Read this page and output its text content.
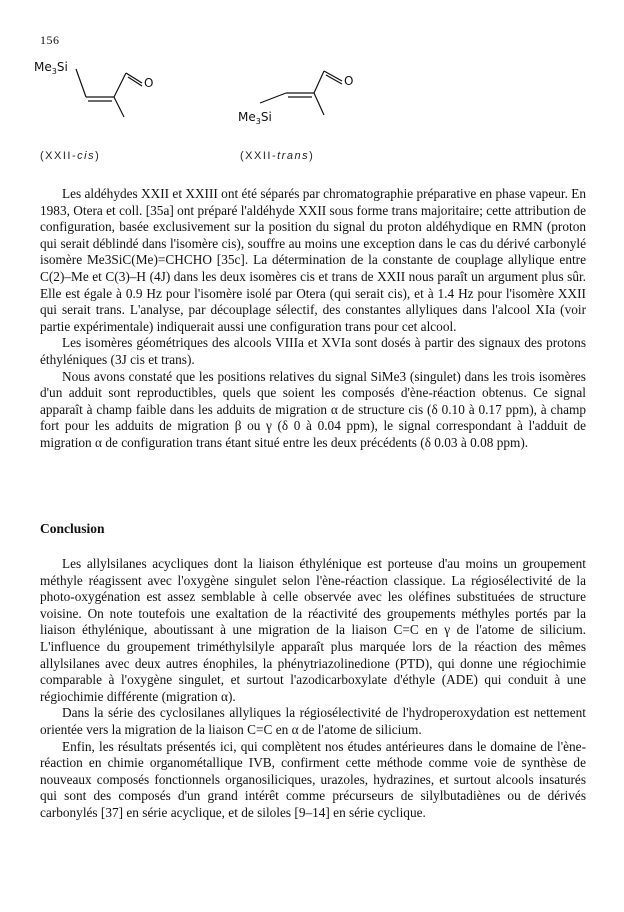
156
$Me_3Si$
O
(XXII-cis)
O
$Me_3Si$
(XXII-trans)

Les aldéhydes XXII et XXIII ont été séparés par chromatographie préparative en phase vapeur. En 1983, Otera et coll. [35a] ont préparé l'aldéhyde XXII sous forme trans majoritaire; cette attribution de configuration, basée exclusivement sur la position du signal du proton aldéhydique en RMN (proton qui serait déblindé dans l'isomère cis), souffre au moins une exception dans le cas du dérivé carbonylé isomère Me3SiC(Me)=CHCHO [35c]. La détermination de la constante de couplage allylique entre C(2)–Me et C(3)–H (4J) dans les deux isomères cis et trans de XXII nous paraît un argument plus sûr. Elle est égale à 0.9 Hz pour l'isomère isolé par Otera (qui serait cis), et à 1.4 Hz pour l'isomère XXII qui serait trans. L'analyse, par découplage sélectif, des constantes allyliques dans l'alcool XIa (voir partie expérimentale) indiquerait aussi une configuration trans pour cet alcool.

Les isomères géométriques des alcools VIIIa et XVIa sont dosés à partir des signaux des protons éthyléniques (3J cis et trans).

Nous avons constaté que les positions relatives du signal SiMe3 (singulet) dans les trois isomères d'un adduit sont reproductibles, quels que soient les composés d'ène-réaction obtenus. Ce signal apparaît à champ faible dans les adduits de migration α de structure cis (δ 0.10 à 0.17 ppm), à champ fort pour les adduits de migration β ou γ (δ 0 à 0.04 ppm), le signal correspondant à l'adduit de migration α de configuration trans étant situé entre les deux précédents (δ 0.03 à 0.08 ppm).

Conclusion

Les allylsilanes acycliques dont la liaison éthylénique est porteuse d'au moins un groupement méthyle réagissent avec l'oxygène singulet selon l'ène-réaction classique. La régiosélectivité de la photo-oxygénation est assez semblable à celle observée avec les oléfines substituées de structure voisine. On note toutefois une exaltation de la réactivité des groupements méthyles portés par la liaison éthylénique, aboutissant à une migration de la liaison C=C en γ de l'atome de silicium. L'influence du groupement triméthylsilyle apparaît plus marquée lors de la réaction des mêmes allylsilanes avec deux autres énophiles, la phénytriazolinedione (PTD), qui donne une régiochimie comparable à l'oxygène singulet, et surtout l'azodicarboxylate d'éthyle (ADE) qui conduit à une régiochimie différente (migration α).

Dans la série des cyclosilanes allyliques la régiosélectivité de l'hydroperoxydation est nettement orientée vers la migration de la liaison C=C en α de l'atome de silicium.

Enfin, les résultats présentés ici, qui complètent nos études antérieures dans le domaine de l'ène-réaction en chimie organométallique IVB, confirment cette méthode comme voie de synthèse de nouveaux composés fonctionnels organosiliciques, urazoles, hydrazines, et surtout alcools insaturés qui sont des composés d'un grand intérêt comme précurseurs de silylbutadiènes ou de dérivés carbonylés [37] en série acyclique, et de siloles [9–14] en série cyclique.
